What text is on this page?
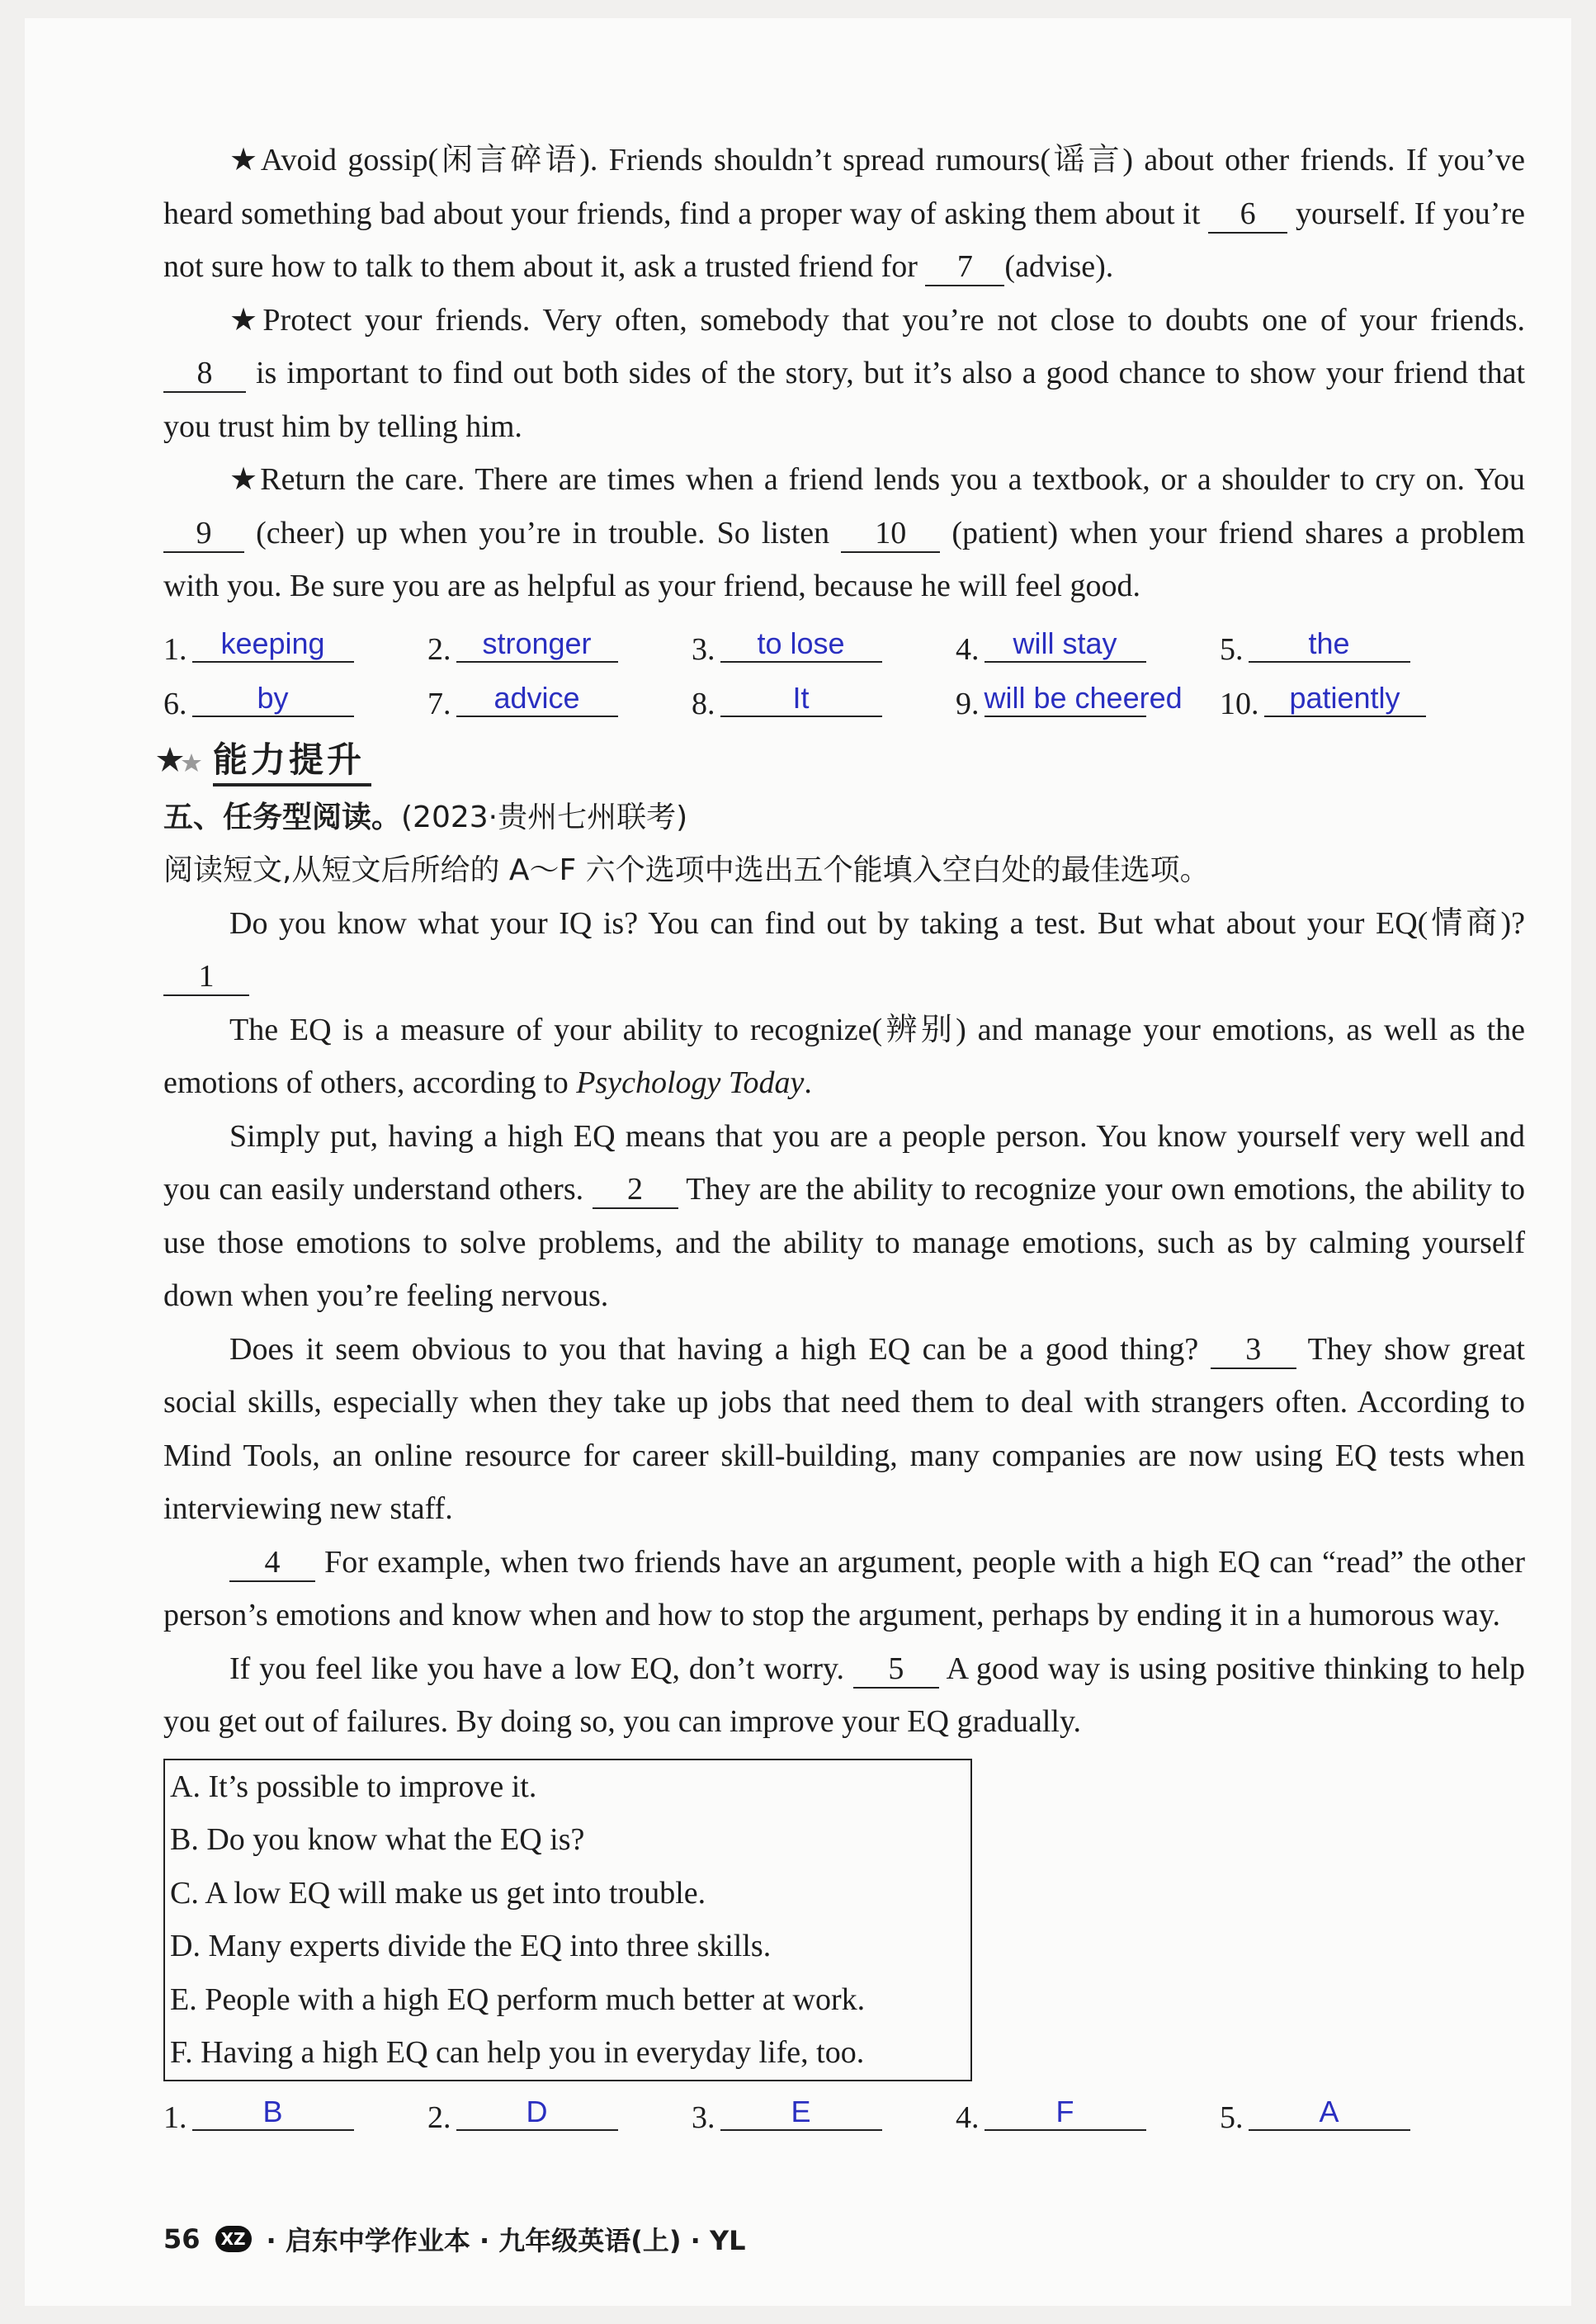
★Avoid gossip(闲言碎语). Friends shouldn’t spread rumours(谣言) about other friends. If you’ve heard something bad about your friends, find a proper way of asking them about it 6 yourself. If you’re not sure how to talk to them about it, ask a trusted friend for 7 (advise).

★Protect your friends. Very often, somebody that you’re not close to doubts one of your friends. 8 is important to find out both sides of the story, but it’s also a good chance to show your friend that you trust him by telling him.

★Return the care. There are times when a friend lends you a textbook, or a shoulder to cry on. You 9 (cheer) up when you’re in trouble. So listen 10 (patient) when your friend shares a problem with you. Be sure you are as helpful as your friend, because he will feel good.

1.	keeping	2.	stronger	3.	to lose	4.	will stay	5.	the
6.	by	7.	advice	8.	It	9. will be cheered 10.	patiently
能力提升
五、任务型阅读。(2023·贵州七州联考)
阅读短文,从短文后所给的 A～F 六个选项中选出五个能填入空白处的最佳选项。

Do you know what your IQ is? You can find out by taking a test. But what about your EQ(情商)? 1

The EQ is a measure of your ability to recognize(辨别) and manage your emotions, as well as the emotions of others, according to Psychology Today.

Simply put, having a high EQ means that you are a people person. You know yourself very well and you can easily understand others. 2 They are the ability to recognize your own emotions, the ability to use those emotions to solve problems, and the ability to manage emotions, such as by calming yourself down when you’re feeling nervous.

Does it seem obvious to you that having a high EQ can be a good thing? 3 They show great social skills, especially when they take up jobs that need them to deal with strangers often. According to Mind Tools, an online resource for career skill-building, many companies are now using EQ tests when interviewing new staff.

4 For example, when two friends have an argument, people with a high EQ can “read” the other person’s emotions and know when and how to stop the argument, perhaps by ending it in a humorous way.

If you feel like you have a low EQ, don’t worry. 5 A good way is using positive thinking to help you get out of failures. By doing so, you can improve your EQ gradually.

A. It’s possible to improve it.
B. Do you know what the EQ is?
C. A low EQ will make us get into trouble.
D. Many experts divide the EQ into three skills.
E. People with a high EQ perform much better at work.
F. Having a high EQ can help you in everyday life, too.
1.	B	2.	D	3.	E	4.	F	5.	A
56	XZ · 启东中学作业本 · 九年级英语(上) · YL
